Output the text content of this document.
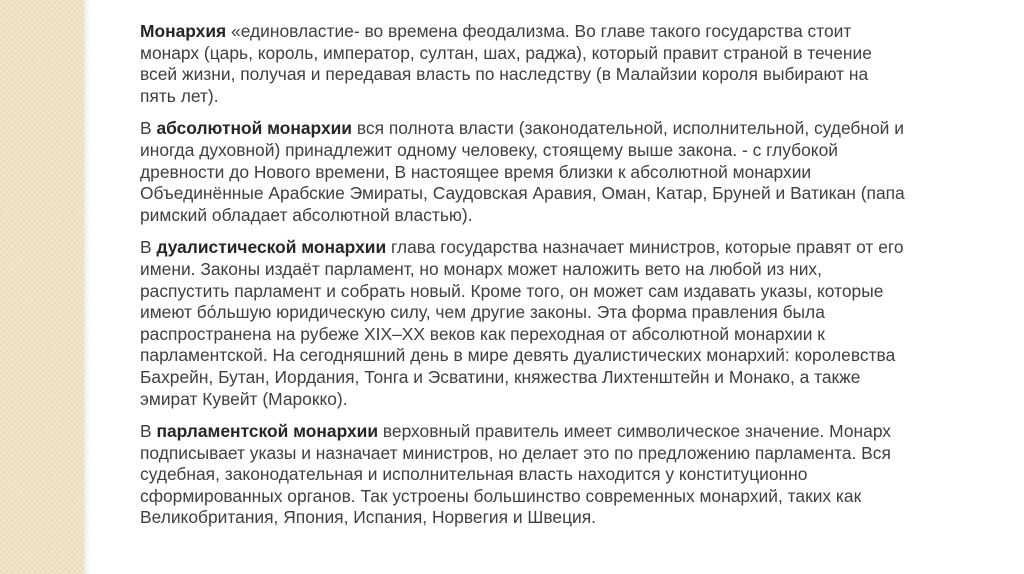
Монархия «единовластие- во времена феодализма. Во главе такого государства стоит
монарх (царь, король, император, султан, шах, раджа), который правит страной в течение
всей жизни, получая и передавая власть по наследству (в Малайзии короля выбирают на
пять лет).

В абсолютной монархии вся полнота власти (законодательной, исполнительной, судебной и
иногда духовной) принадлежит одному человеку, стоящему выше закона. - с глубокой
древности до Нового времени, В настоящее время близки к абсолютной монархии
Объединённые Арабские Эмираты, Саудовская Аравия, Оман, Катар, Бруней и Ватикан (папа
римский обладает абсолютной властью).

В дуалистической монархии глава государства назначает министров, которые правят от его
имени. Законы издаёт парламент, но монарх может наложить вето на любой из них,
распустить парламент и собрать новый. Кроме того, он может сам издавать указы, которые
имеют бо́льшую юридическую силу, чем другие законы. Эта форма правления была
распространена на рубеже XIX–XX веков как переходная от абсолютной монархии к
парламентской. На сегодняшний день в мире девять дуалистических монархий: королевства
Бахрейн, Бутан, Иордания, Тонга и Эсватини, княжества Лихтенштейн и Монако, а также
эмират Кувейт (Марокко).

В парламентской монархии верховный правитель имеет символическое значение. Монарх
подписывает указы и назначает министров, но делает это по предложению парламента. Вся
судебная, законодательная и исполнительная власть находится у конституционно
сформированных органов. Так устроены большинство современных монархий, таких как
Великобритания, Япония, Испания, Норвегия и Швеция.
